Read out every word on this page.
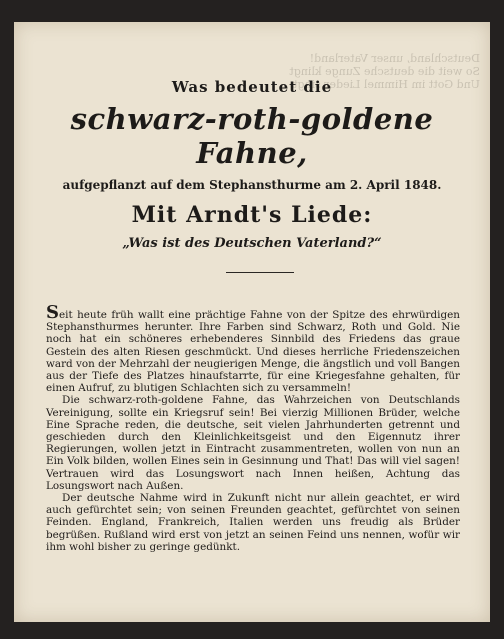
Deutschland, unser Vaterland!
So weit die deutsche Zunge klingt
Und Gott im Himmel Lieder singt
Was bedeutet die
schwarz-roth-goldene Fahne,
aufgepflanzt auf dem Stephansthurme am 2. April 1848.
Mit Arndt's Liede:
„Was ist des Deutschen Vaterland?“

Seit heute früh wallt eine prächtige Fahne von der Spitze des ehrwürdigen Stephansthurmes herunter. Ihre Farben sind Schwarz, Roth und Gold. Nie noch hat ein schöneres erhebenderes Sinnbild des Friedens das graue Gestein des alten Riesen geschmückt. Und dieses herrliche Friedenszeichen ward von der Mehrzahl der neugierigen Menge, die ängstlich und voll Bangen aus der Tiefe des Platzes hinaufstarrte, für eine Kriegesfahne gehalten, für einen Aufruf, zu blutigen Schlachten sich zu versammeln!

Die schwarz-roth-goldene Fahne, das Wahrzeichen von Deutschlands Vereinigung, sollte ein Kriegsruf sein! Bei vierzig Millionen Brüder, welche Eine Sprache reden, die deutsche, seit vielen Jahrhunderten getrennt und geschieden durch den Kleinlichkeitsgeist und den Eigennutz ihrer Regierungen, wollen jetzt in Eintracht zusammentreten, wollen von nun an Ein Volk bilden, wollen Eines sein in Gesinnung und That! Das will viel sagen! Vertrauen wird das Losungswort nach Innen heißen, Achtung das Losungswort nach Außen.

Der deutsche Nahme wird in Zukunft nicht nur allein geachtet, er wird auch gefürchtet sein; von seinen Freunden geachtet, gefürchtet von seinen Feinden. England, Frankreich, Italien werden uns freudig als Brüder begrüßen. Rußland wird erst von jetzt an seinen Feind uns nennen, wofür wir ihm wohl bisher zu geringe gedünkt.
